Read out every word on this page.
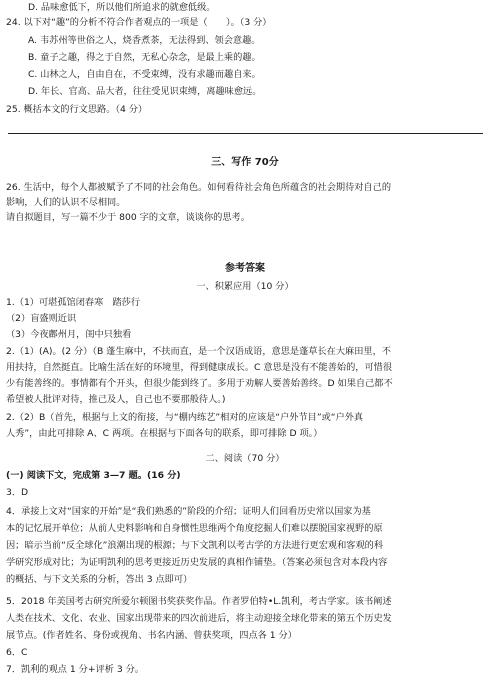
D. 品味愈低下，所以他们所追求的就愈低级。
24. 以下对“趣”的分析不符合作者观点的一项是（　　）。（3 分）
A. 韦苏州等世俗之人，烧香煮茶，无法得到、领会意趣。
B. 童子之趣，得之于自然，无私心杂念，是最上乘的趣。
C. 山林之人，自由自在，不受束缚，没有求趣而趣自来。
D. 年长、官高、品大者，往往受见识束缚，离趣味愈远。
25. 概括本文的行文思路。（4 分）
三、写作 70分
26. 生活中，每个人都被赋予了不同的社会角色。如何看待社会角色所蕴含的社会期待对自己的
影响，人们的认识不尽相同。
请自拟题目，写一篇不少于 800 字的文章，谈谈你的思考。
参考答案
一、积累应用（10 分）
1.（1）可堪孤馆闭春寒　踏莎行
（2）盲盛则近识
（3）今夜鄜州月，闺中只独看
2.（1）(A)。(2 分）（B 蓬生麻中，不扶而直，是一个汉语成语，意思是蓬草长在大麻田里，不
用扶持，自然挺直。比喻生活在好的环境里，得到健康成长。C 意思是没有不能善始的，可惜很
少有能善终的。事情都有个开头，但很少能到终了。多用于劝解人要善始善终。D 如果自己都不
希望被人批评对待，推己及人，自己也不要那般待人。)
2.（2）B（首先，根据与上文的衔接，与“棚内练艺”相对的应该是“户外节目”或“户外真
人秀”，由此可排除 A、C 两项。在根据与下面各句的联系，即可排除 D 项。）
二、阅读（70 分）
(一) 阅读下文，完成第 3—7 题。(16 分)
3．D
4．承接上文对“国家的开始”是“我们熟悉的”阶段的介绍；证明人们回看历史常以国家为基
本的记忆展开单位；从前人史料影响和自身惯性思维两个角度挖掘人们难以摆脱国家视野的原
因；暗示当前“反全球化”浪潮出现的根源；与下文凯利以考古学的方法进行更宏观和客观的科
学研究形成对比；为证明凯利的思考更接近历史发展的真相作铺垫。（答案必须包含对本段内容
的概括、与下文关系的分析，答出 3 点即可）
5．2018 年美国考古研究所爱尔顿图书奖获奖作品。作者罗伯特•L.凯利，考古学家。该书阐述
人类在技术、文化、农业、国家出现带来的四次前进后，将主动迎接全球化带来的第五个历史发
展节点。(作者姓名、身份或视角、书名内涵、曾获奖项，四点各 1 分）
6．C
7．凯利的观点 1 分+评析 3 分。
